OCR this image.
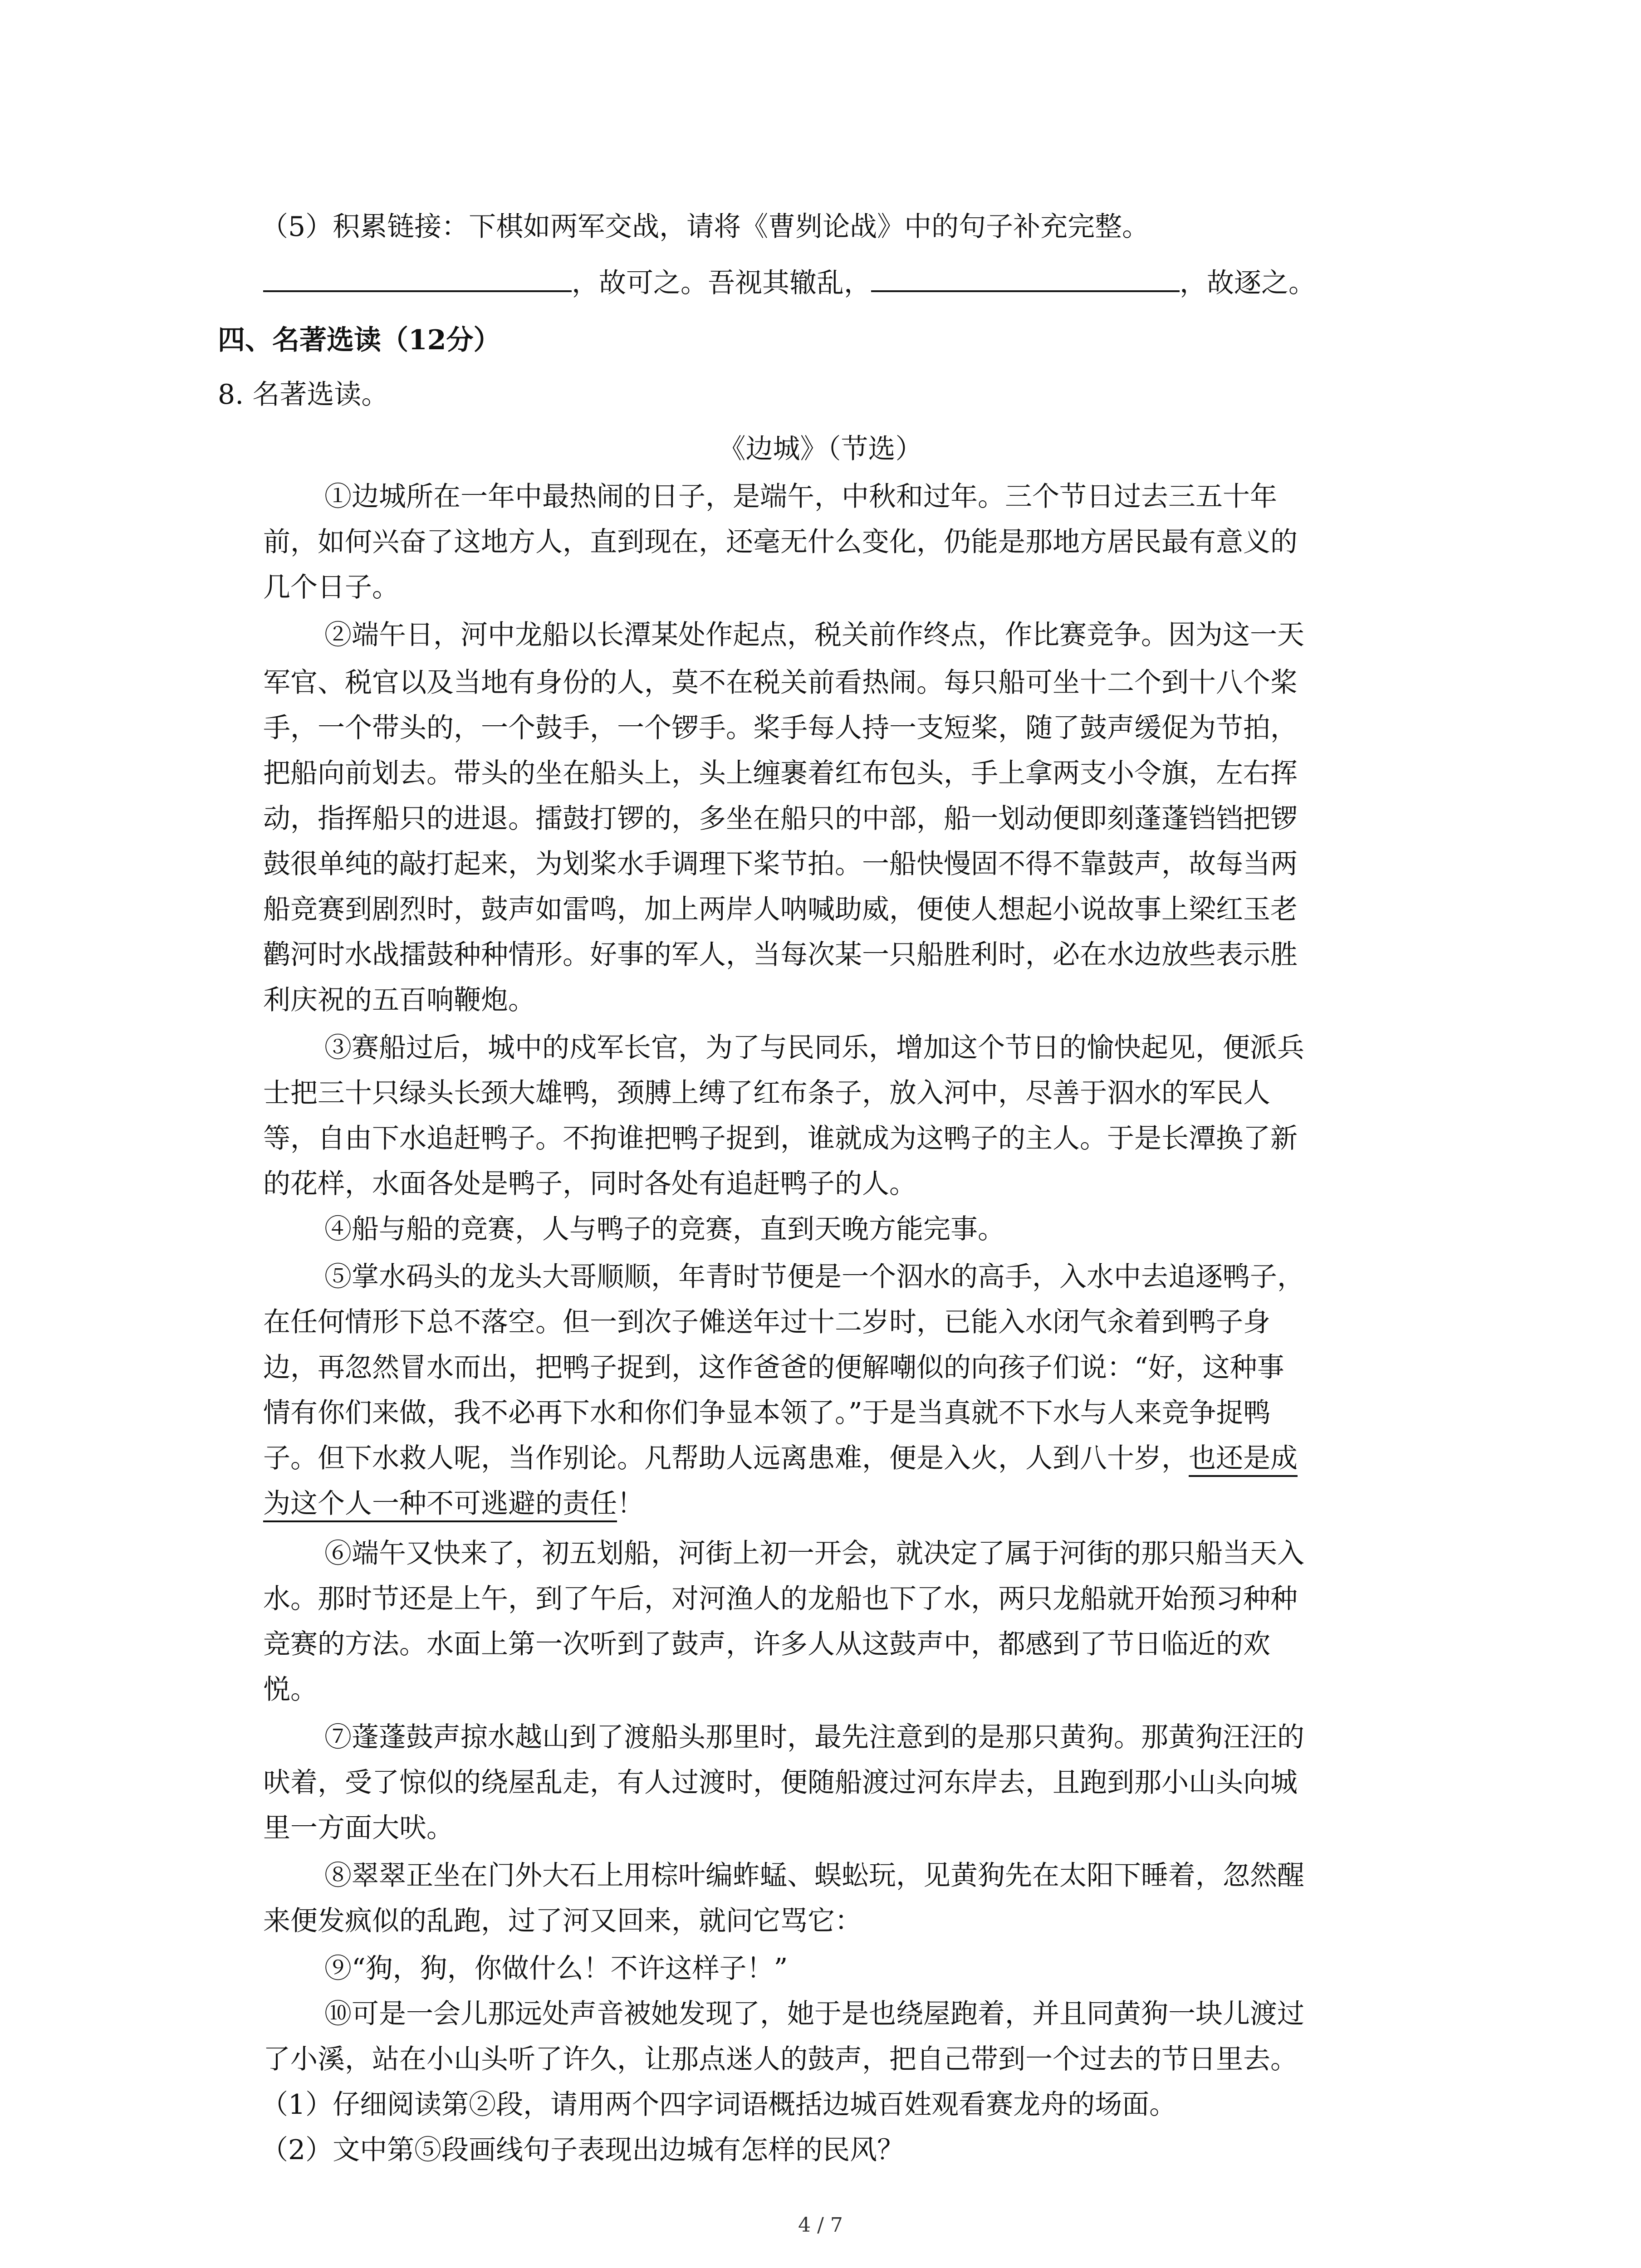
（5）积累链接：下棋如两军交战，请将《曹刿论战》中的句子补充完整。
，故可之。吾视其辙乱，	，故逐之。
四、名著选读（12分）
8. 名著选读。
《边城》（节选）
①边城所在一年中最热闹的日子，是端午，中秋和过年。三个节日过去三五十年
前，如何兴奋了这地方人，直到现在，还毫无什么变化，仍能是那地方居民最有意义的
几个日子。
②端午日，河中龙船以长潭某处作起点，税关前作终点，作比赛竞争。因为这一天
军官、税官以及当地有身份的人，莫不在税关前看热闹。每只船可坐十二个到十八个桨
手，一个带头的，一个鼓手，一个锣手。桨手每人持一支短桨，随了鼓声缓促为节拍，
把船向前划去。带头的坐在船头上，头上缠裹着红布包头，手上拿两支小令旗，左右挥
动，指挥船只的进退。擂鼓打锣的，多坐在船只的中部，船一划动便即刻蓬蓬铛铛把锣
鼓很单纯的敲打起来，为划桨水手调理下桨节拍。一船快慢固不得不靠鼓声，故每当两
船竞赛到剧烈时，鼓声如雷鸣，加上两岸人呐喊助威，便使人想起小说故事上梁红玉老
鹳河时水战擂鼓种种情形。好事的军人，当每次某一只船胜利时，必在水边放些表示胜
利庆祝的五百响鞭炮。
③赛船过后，城中的戍军长官，为了与民同乐，增加这个节日的愉快起见，便派兵
士把三十只绿头长颈大雄鸭，颈膊上缚了红布条子，放入河中，尽善于泅水的军民人
等，自由下水追赶鸭子。不拘谁把鸭子捉到，谁就成为这鸭子的主人。于是长潭换了新
的花样，水面各处是鸭子，同时各处有追赶鸭子的人。
④船与船的竞赛，人与鸭子的竞赛，直到天晚方能完事。
⑤掌水码头的龙头大哥顺顺，年青时节便是一个泅水的高手，入水中去追逐鸭子，
在任何情形下总不落空。但一到次子傩送年过十二岁时，已能入水闭气汆着到鸭子身
边，再忽然冒水而出，把鸭子捉到，这作爸爸的便解嘲似的向孩子们说：“好，这种事
情有你们来做，我不必再下水和你们争显本领了。”于是当真就不下水与人来竞争捉鸭
子。但下水救人呢，当作别论。凡帮助人远离患难，便是入火，人到八十岁，也还是成
为这个人一种不可逃避的责任！
⑥端午又快来了，初五划船，河街上初一开会，就决定了属于河街的那只船当天入
水。那时节还是上午，到了午后，对河渔人的龙船也下了水，两只龙船就开始预习种种
竞赛的方法。水面上第一次听到了鼓声，许多人从这鼓声中，都感到了节日临近的欢
悦。
⑦蓬蓬鼓声掠水越山到了渡船头那里时，最先注意到的是那只黄狗。那黄狗汪汪的
吠着，受了惊似的绕屋乱走，有人过渡时，便随船渡过河东岸去，且跑到那小山头向城
里一方面大吠。
⑧翠翠正坐在门外大石上用棕叶编蚱蜢、蜈蚣玩，见黄狗先在太阳下睡着，忽然醒
来便发疯似的乱跑，过了河又回来，就问它骂它：
⑨“狗，狗，你做什么！不许这样子！”
⑩可是一会儿那远处声音被她发现了，她于是也绕屋跑着，并且同黄狗一块儿渡过
了小溪，站在小山头听了许久，让那点迷人的鼓声，把自己带到一个过去的节日里去。
（1）仔细阅读第②段，请用两个四字词语概括边城百姓观看赛龙舟的场面。
（2）文中第⑤段画线句子表现出边城有怎样的民风？
4 / 7
